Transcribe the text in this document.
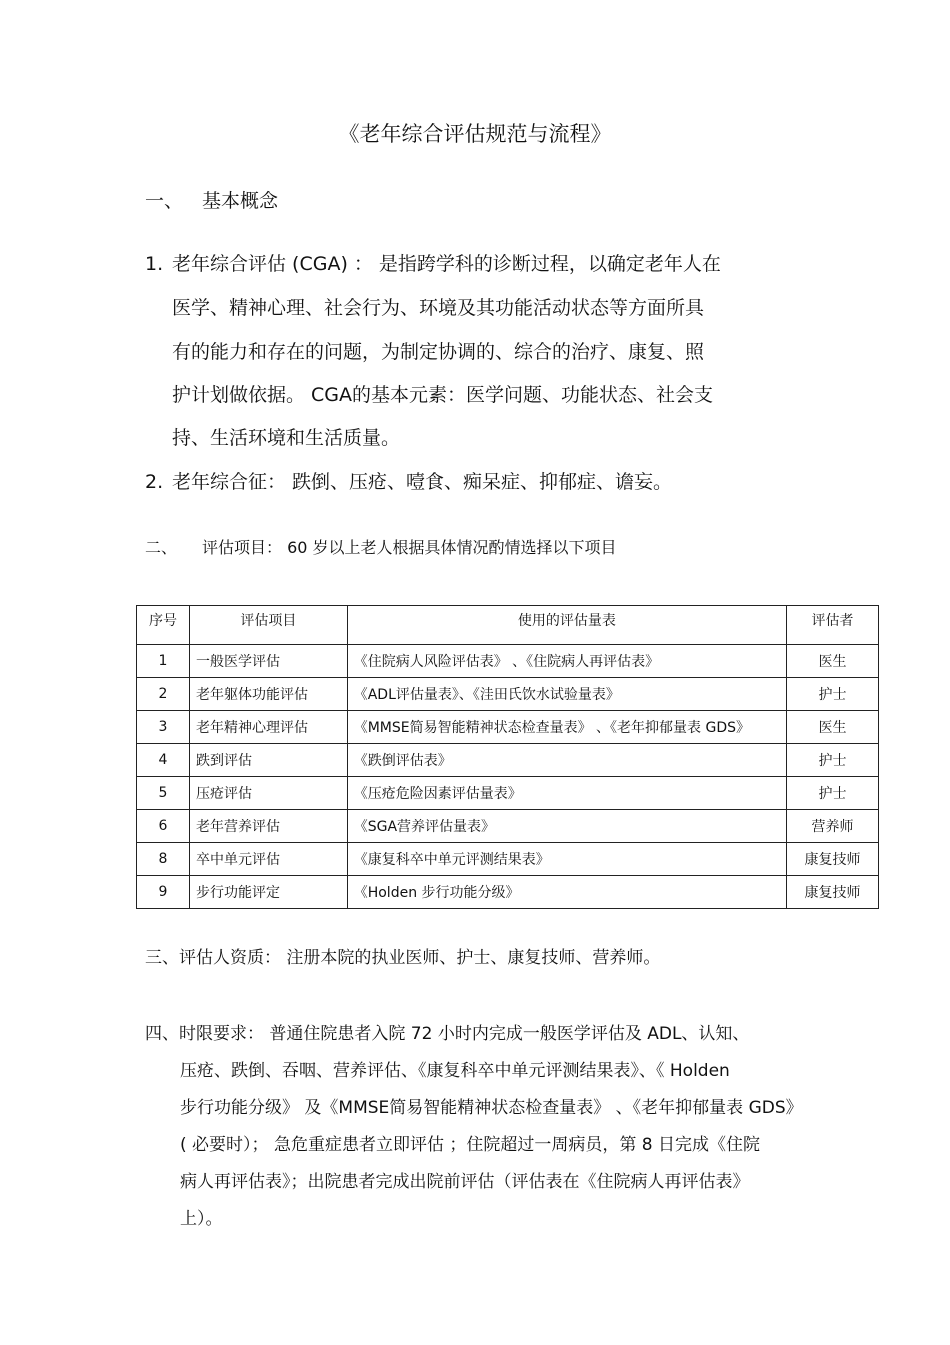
《老年综合评估规范与流程》
一、 基本概念
1. 老年综合评估 (CGA) ： 是指跨学科的诊断过程，以确定老年人在
医学、精神心理、社会行为、环境及其功能活动状态等方面所具
有的能力和存在的问题，为制定协调的、综合的治疗、康复、照
护计划做依据。 CGA的基本元素：医学问题、功能状态、社会支
持、生活环境和生活质量。
2. 老年综合征： 跌倒、压疮、噎食、痴呆症、抑郁症、谵妄。
二、 评估项目： 60 岁以上老人根据具体情况酌情选择以下项目
序号	评估项目	使用的评估量表	评估者
1	一般医学评估	《住院病人风险评估表》 、《住院病人再评估表》	医生
2	老年躯体功能评估	《ADL评估量表》、《洼田氏饮水试验量表》	护士
3	老年精神心理评估	《MMSE简易智能精神状态检查量表》 、《老年抑郁量表 GDS》	医生
4	跌到评估	《跌倒评估表》	护士
5	压疮评估	《压疮危险因素评估量表》	护士
6	老年营养评估	《SGA营养评估量表》	营养师
8	卒中单元评估	《康复科卒中单元评测结果表》	康复技师
9	步行功能评定	《Holden 步行功能分级》	康复技师
三、评估人资质： 注册本院的执业医师、护士、康复技师、营养师。
四、时限要求： 普通住院患者入院 72 小时内完成一般医学评估及 ADL、认知、
压疮、跌倒、吞咽、营养评估、《康复科卒中单元评测结果表》、《 Holden
步行功能分级》 及《MMSE简易智能精神状态检查量表》 、《老年抑郁量表 GDS》
( 必要时）； 急危重症患者立即评估 ；住院超过一周病员，第 8 日完成《住院
病人再评估表》；出院患者完成出院前评估（评估表在《住院病人再评估表》
上）。
